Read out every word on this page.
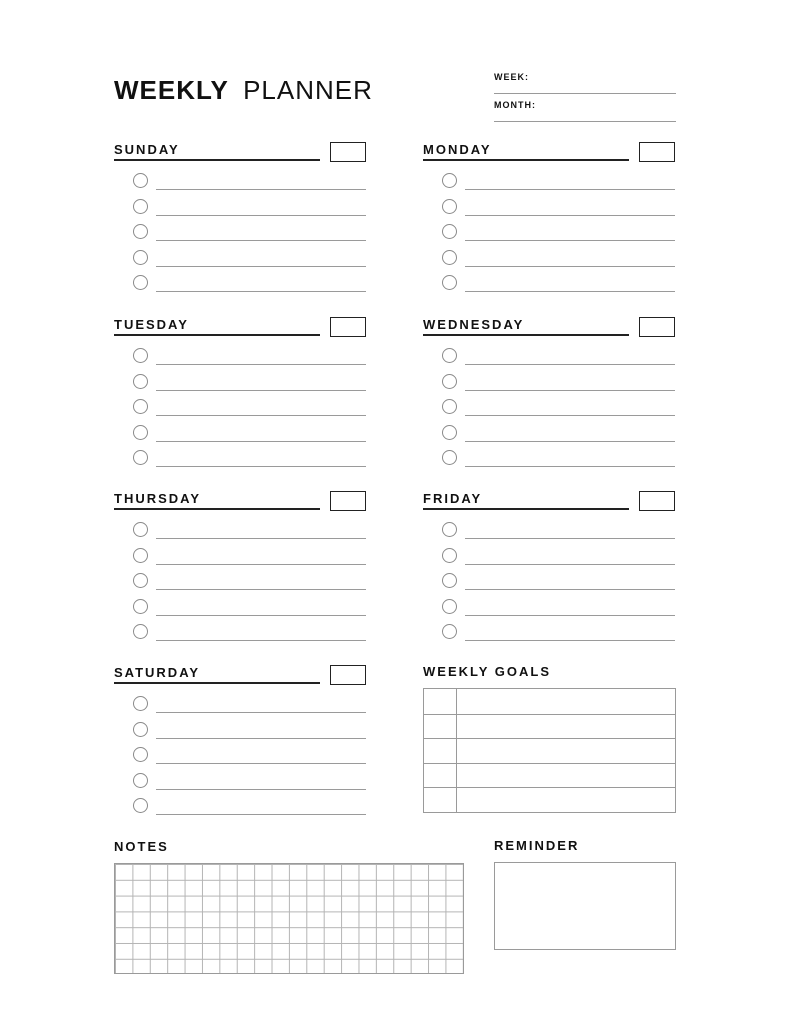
WEEKLY PLANNER	WEEK:
MONTH:
SUNDAY	MONDAY
TUESDAY	WEDNESDAY
THURSDAY	FRIDAY
SATURDAY	WEEKLY GOALS
NOTES	REMINDER
